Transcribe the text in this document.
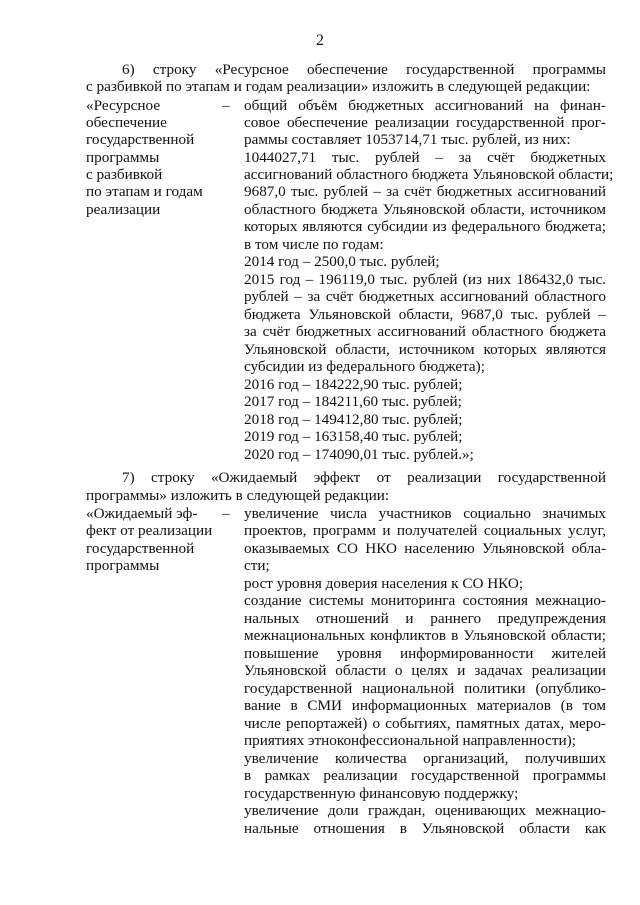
2
6) строку «Ресурсное обеспечение государственной программы
с разбивкой по этапам и годам реализации» изложить в следующей редакции:
«Ресурсное
обеспечение
государственной
программы
с разбивкой
по этапам и годам
реализации
– общий объём бюджетных ассигнований на финан-
совое обеспечение реализации государственной прог-
раммы составляет 1053714,71 тыс. рублей, из них:
1044027,71 тыс. рублей – за счёт бюджетных
ассигнований областного бюджета Ульяновской области;
9687,0 тыс. рублей – за счёт бюджетных ассигнований
областного бюджета Ульяновской области, источником
которых являются субсидии из федерального бюджета;
в том числе по годам:
2014 год – 2500,0 тыс. рублей;
2015 год – 196119,0 тыс. рублей (из них 186432,0 тыс.
рублей – за счёт бюджетных ассигнований областного
бюджета Ульяновской области, 9687,0 тыс. рублей –
за счёт бюджетных ассигнований областного бюджета
Ульяновской области, источником которых являются
субсидии из федерального бюджета);
2016 год – 184222,90 тыс. рублей;
2017 год – 184211,60 тыс. рублей;
2018 год – 149412,80 тыс. рублей;
2019 год – 163158,40 тыс. рублей;
2020 год – 174090,01 тыс. рублей.»;
7) строку «Ожидаемый эффект от реализации государственной
программы» изложить в следующей редакции:
«Ожидаемый эф-
фект от реализации
государственной
программы
– увеличение числа участников социально значимых
проектов, программ и получателей социальных услуг,
оказываемых СО НКО населению Ульяновской обла-
сти;
рост уровня доверия населения к СО НКО;
создание системы мониторинга состояния межнацио-
нальных отношений и раннего предупреждения
межнациональных конфликтов в Ульяновской области;
повышение уровня информированности жителей
Ульяновской области о целях и задачах реализации
государственной национальной политики (опублико-
вание в СМИ информационных материалов (в том
числе репортажей) о событиях, памятных датах, меро-
приятиях этноконфессиональной направленности);
увеличение количества организаций, получивших
в рамках реализации государственной программы
государственную финансовую поддержку;
увеличение доли граждан, оценивающих межнацио-
нальные отношения в Ульяновской области как
